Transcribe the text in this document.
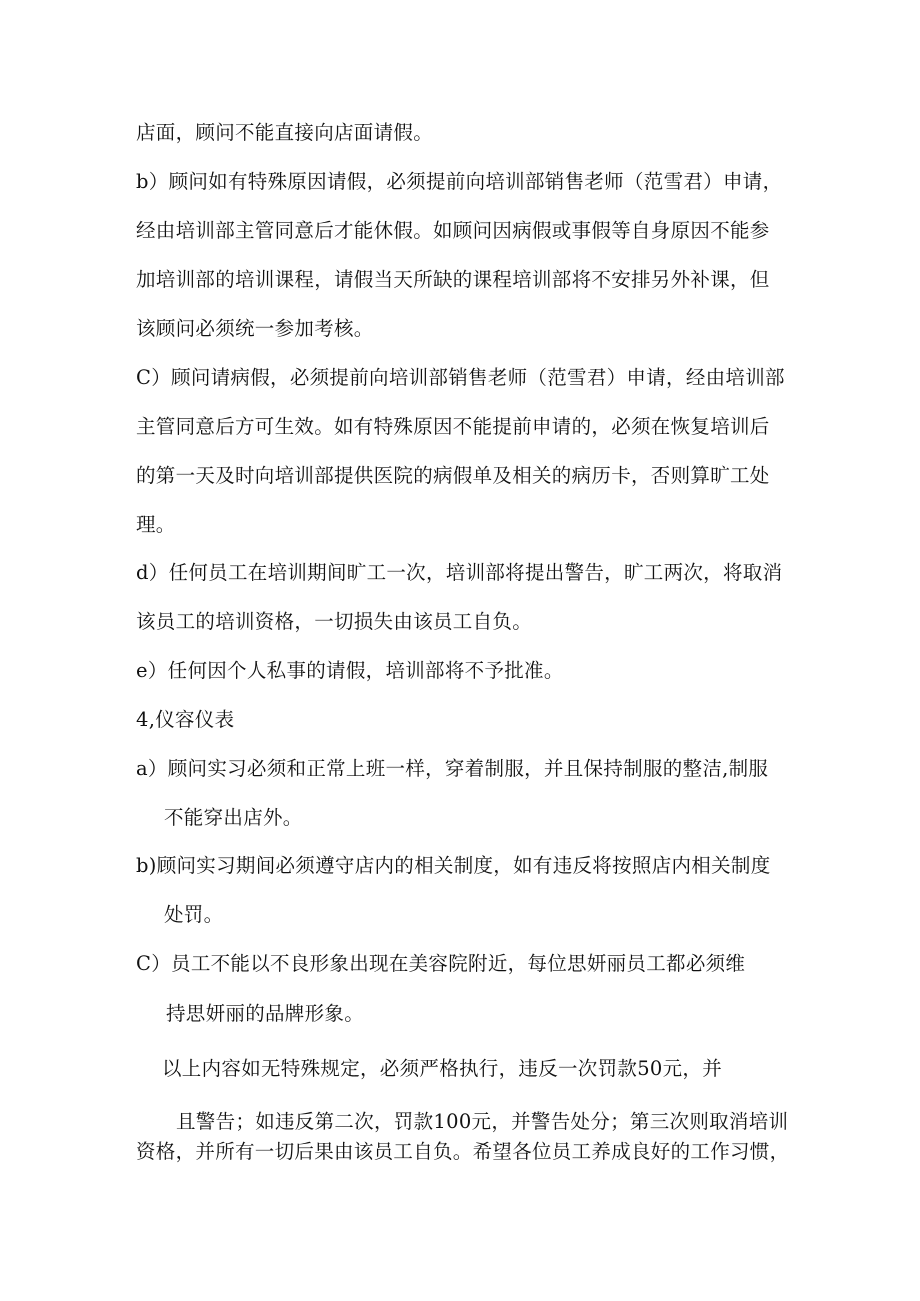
店面，顾问不能直接向店面请假。
b）顾问如有特殊原因请假，必须提前向培训部销售老师（范雪君）申请，
经由培训部主管同意后才能休假。如顾问因病假或事假等自身原因不能参
加培训部的培训课程，请假当天所缺的课程培训部将不安排另外补课，但
该顾问必须统一参加考核。
C）顾问请病假，必须提前向培训部销售老师（范雪君）申请，经由培训部
主管同意后方可生效。如有特殊原因不能提前申请的，必须在恢复培训后
的第一天及时向培训部提供医院的病假单及相关的病历卡，否则算旷工处
理。
d）任何员工在培训期间旷工一次，培训部将提出警告，旷工两次，将取消
该员工的培训资格，一切损失由该员工自负。
e）任何因个人私事的请假，培训部将不予批准。
4,仪容仪表
a）顾问实习必须和正常上班一样，穿着制服，并且保持制服的整洁,制服
不能穿出店外。
b)顾问实习期间必须遵守店内的相关制度，如有违反将按照店内相关制度
处罚。
C）员工不能以不良形象出现在美容院附近，每位思妍丽员工都必须维
持思妍丽的品牌形象。
以上内容如无特殊规定，必须严格执行，违反一次罚款50元，并
且警告；如违反第二次，罚款100元，并警告处分；第三次则取消培训
资格，并所有一切后果由该员工自负。希望各位员工养成良好的工作习惯，
